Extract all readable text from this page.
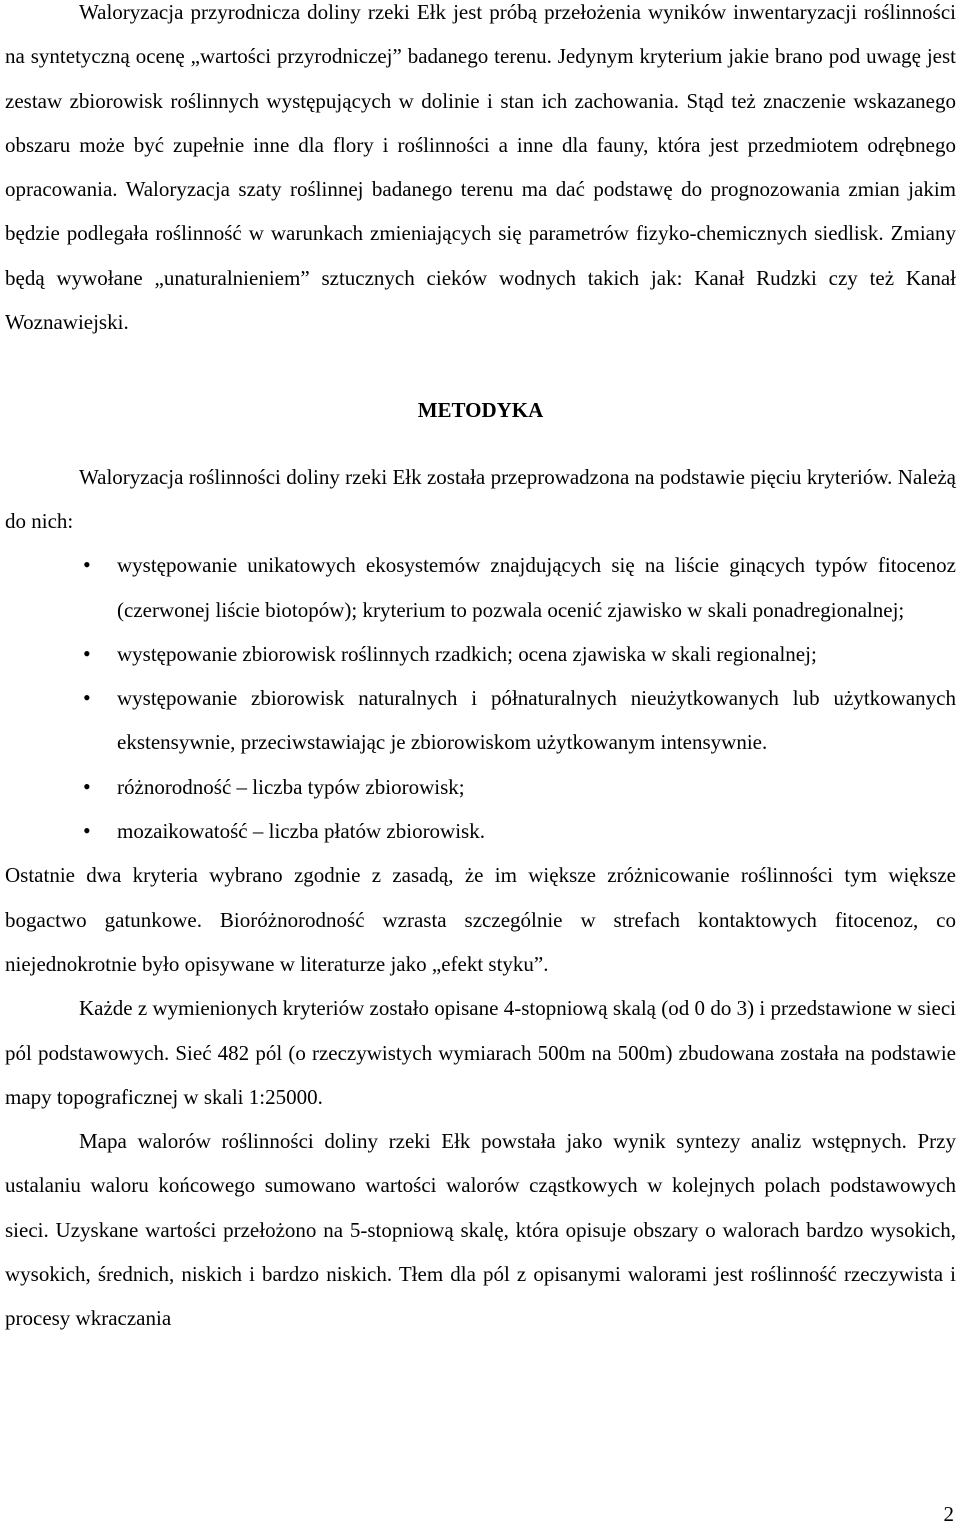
Waloryzacja przyrodnicza doliny rzeki Ełk jest próbą przełożenia wyników inwentaryzacji roślinności na syntetyczną ocenę „wartości przyrodniczej” badanego terenu. Jedynym kryterium jakie brano pod uwagę jest zestaw zbiorowisk roślinnych występujących w dolinie i stan ich zachowania. Stąd też znaczenie wskazanego obszaru może być zupełnie inne dla flory i roślinności a inne dla fauny, która jest przedmiotem odrębnego opracowania. Waloryzacja szaty roślinnej badanego terenu ma dać podstawę do prognozowania zmian jakim będzie podlegała roślinność w warunkach zmieniających się parametrów fizyko-chemicznych siedlisk. Zmiany będą wywołane „unaturalnieniem” sztucznych cieków wodnych takich jak: Kanał Rudzki czy też Kanał Woznawiejski.

METODYKA

Waloryzacja roślinności doliny rzeki Ełk została przeprowadzona na podstawie pięciu kryteriów. Należą do nich:

• występowanie unikatowych ekosystemów znajdujących się na liście ginących typów fitocenoz (czerwonej liście biotopów); kryterium to pozwala ocenić zjawisko w skali ponadregionalnej;
• występowanie zbiorowisk roślinnych rzadkich; ocena zjawiska w skali regionalnej;
• występowanie zbiorowisk naturalnych i półnaturalnych nieużytkowanych lub użytkowanych ekstensywnie, przeciwstawiając je zbiorowiskom użytkowanym intensywnie.
• różnorodność – liczba typów zbiorowisk;
• mozaikowatość – liczba płatów zbiorowisk.

Ostatnie dwa kryteria wybrano zgodnie z zasadą, że im większe zróżnicowanie roślinności tym większe bogactwo gatunkowe. Bioróżnorodność wzrasta szczególnie w strefach kontaktowych fitocenoz, co niejednokrotnie było opisywane w literaturze jako „efekt styku”.

Każde z wymienionych kryteriów zostało opisane 4-stopniową skalą (od 0 do 3) i przedstawione w sieci pól podstawowych. Sieć 482 pól (o rzeczywistych wymiarach 500m na 500m) zbudowana została na podstawie mapy topograficznej w skali 1:25000.

Mapa walorów roślinności doliny rzeki Ełk powstała jako wynik syntezy analiz wstępnych. Przy ustalaniu waloru końcowego sumowano wartości walorów cząstkowych w kolejnych polach podstawowych sieci. Uzyskane wartości przełożono na 5-stopniową skalę, która opisuje obszary o walorach bardzo wysokich, wysokich, średnich, niskich i bardzo niskich. Tłem dla pól z opisanymi walorami jest roślinność rzeczywista i procesy wkraczania

2
